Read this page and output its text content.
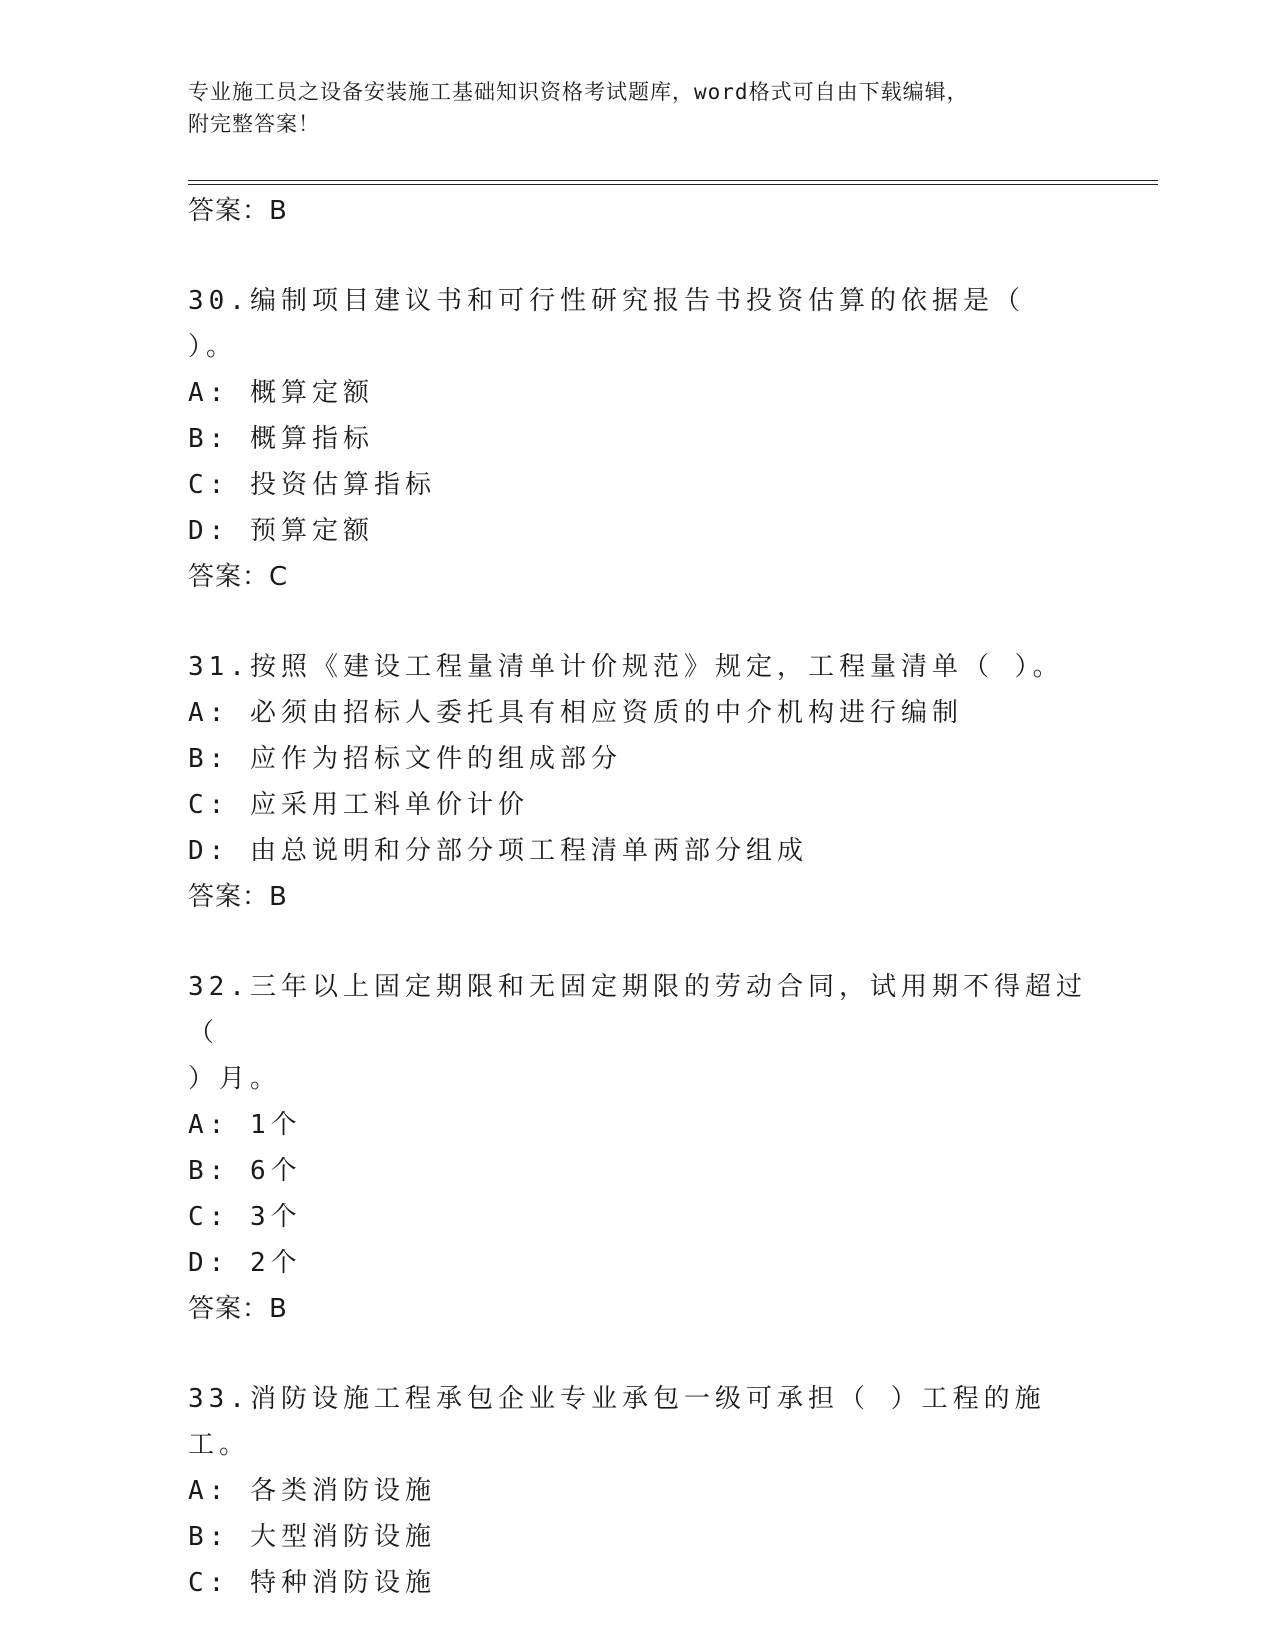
专业施工员之设备安装施工基础知识资格考试题库，word格式可自由下载编辑，
附完整答案！
答案：B
30.编制项目建议书和可行性研究报告书投资估算的依据是（ ）。
A: 概算定额
B: 概算指标
C: 投资估算指标
D: 预算定额
答案：C
31.按照《建设工程量清单计价规范》规定，工程量清单（ ）。
A: 必须由招标人委托具有相应资质的中介机构进行编制
B: 应作为招标文件的组成部分
C: 应采用工料单价计价
D: 由总说明和分部分项工程清单两部分组成
答案：B
32.三年以上固定期限和无固定期限的劳动合同，试用期不得超过（
）月。
A: 1个
B: 6个
C: 3个
D: 2个
答案：B
33.消防设施工程承包企业专业承包一级可承担（ ）工程的施工。
A: 各类消防设施
B: 大型消防设施
C: 特种消防设施
